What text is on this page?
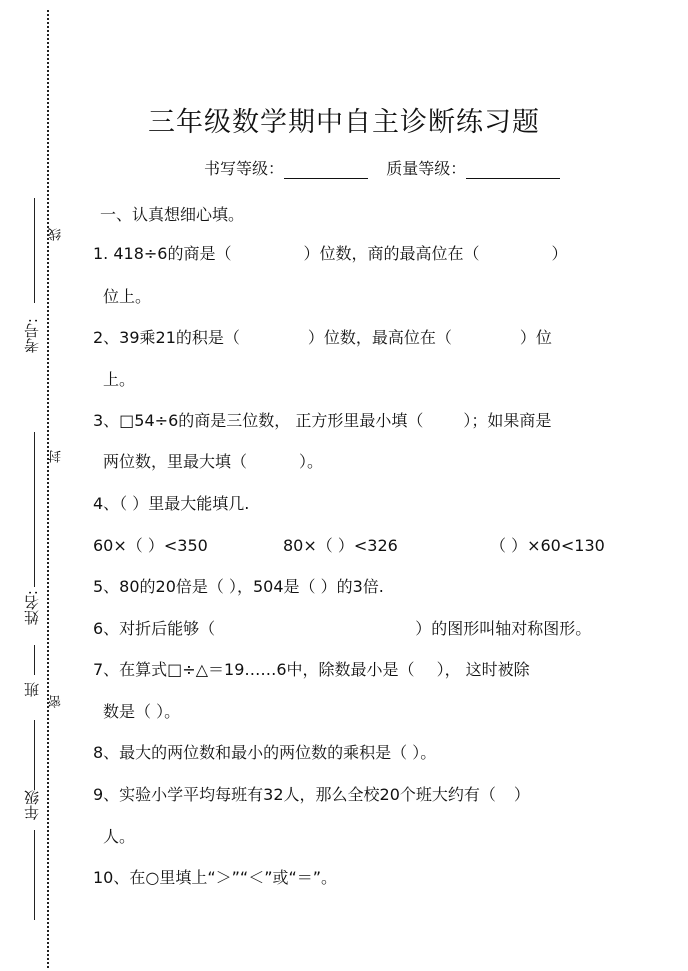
考号:
姓名:
班
年级
线
封
密
三年级数学期中自主诊断练习题
书写等级：	质量等级：
一、认真想细心填。
1. 418÷6的商是（	）位数，商的最高位在（	）
位上。
2、39乘21的积是（	）位数，最高位在（	）位
上。
3、□54÷6的商是三位数， 正方形里最小填（	）；如果商是
两位数，里最大填（	）。
4、（ ）里最大能填几.
60×（ ）<350	80×（ ）<326	（ ）×60<130
5、80的20倍是（ ），504是（ ）的3倍.
6、对折后能够（	）的图形叫轴对称图形。
7、在算式□÷△＝19……6中，除数最小是（ ）， 这时被除
数是（ ）。
8、最大的两位数和最小的两位数的乘积是（ ）。
9、实验小学平均每班有32人，那么全校20个班大约有（ ）
人。
10、在○里填上“＞”“＜”或“＝”。
